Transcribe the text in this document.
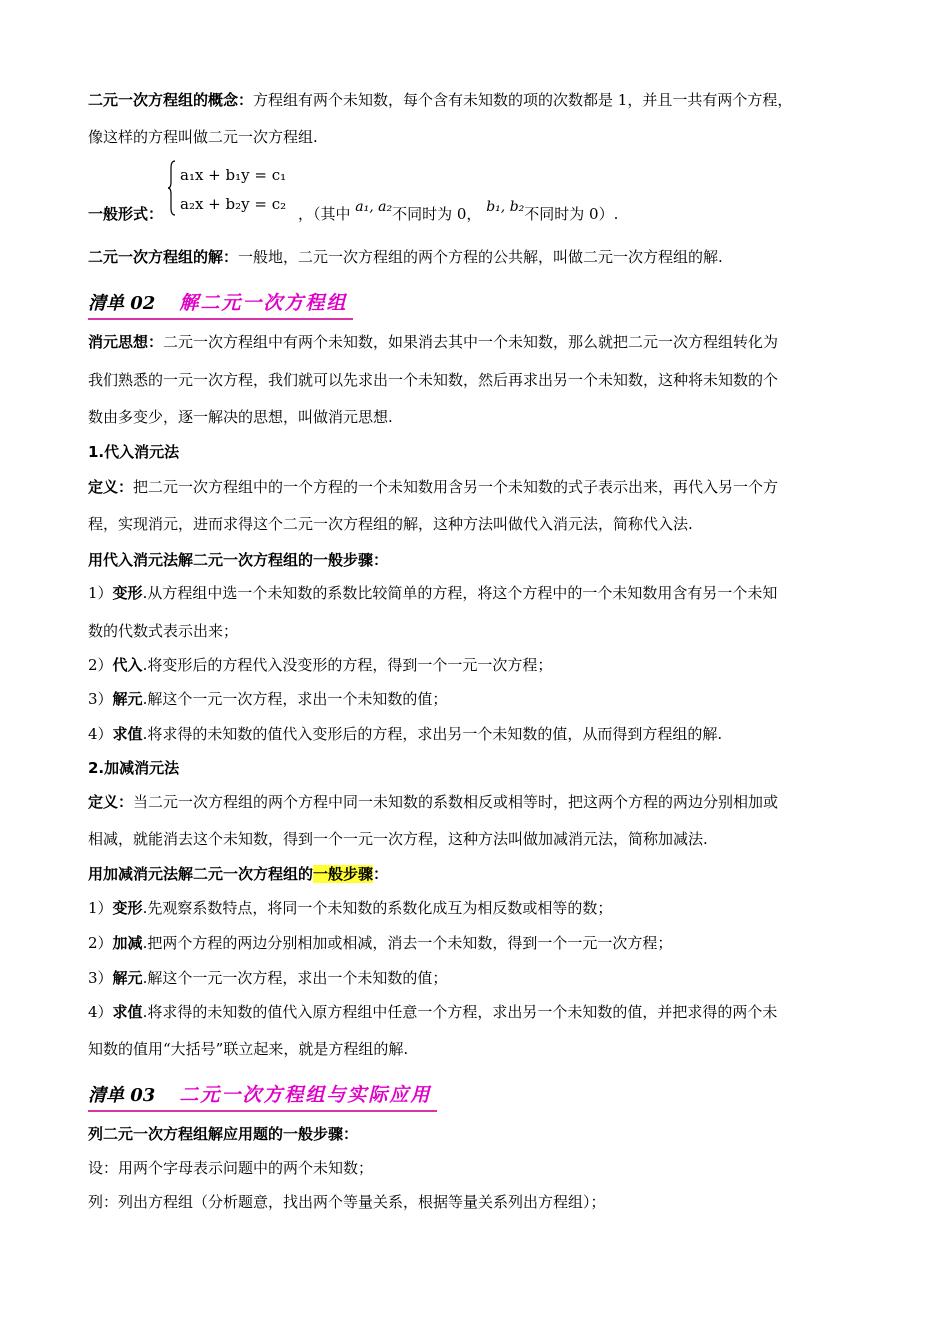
二元一次方程组的概念：方程组有两个未知数，每个含有未知数的项的次数都是 1，并且一共有两个方程，
像这样的方程叫做二元一次方程组.
a₁x + b₁y = c₁
a₂x + b₂y = c₂
一般形式：	，（其中 a₁, a₂不同时为 0， b₁, b₂不同时为 0）.
二元一次方程组的解：一般地，二元一次方程组的两个方程的公共解，叫做二元一次方程组的解.
清单 02 解二元一次方程组
消元思想：二元一次方程组中有两个未知数，如果消去其中一个未知数，那么就把二元一次方程组转化为
我们熟悉的一元一次方程，我们就可以先求出一个未知数，然后再求出另一个未知数，这种将未知数的个
数由多变少，逐一解决的思想，叫做消元思想.
1.代入消元法
定义：把二元一次方程组中的一个方程的一个未知数用含另一个未知数的式子表示出来，再代入另一个方
程，实现消元，进而求得这个二元一次方程组的解，这种方法叫做代入消元法，简称代入法.
用代入消元法解二元一次方程组的一般步骤：
1）变形.从方程组中选一个未知数的系数比较简单的方程，将这个方程中的一个未知数用含有另一个未知
数的代数式表示出来；
2）代入.将变形后的方程代入没变形的方程，得到一个一元一次方程；
3）解元.解这个一元一次方程，求出一个未知数的值；
4）求值.将求得的未知数的值代入变形后的方程，求出另一个未知数的值，从而得到方程组的解.
2.加减消元法
定义：当二元一次方程组的两个方程中同一未知数的系数相反或相等时，把这两个方程的两边分别相加或
相减，就能消去这个未知数，得到一个一元一次方程，这种方法叫做加减消元法，简称加减法.
用加减消元法解二元一次方程组的一般步骤：
1）变形.先观察系数特点，将同一个未知数的系数化成互为相反数或相等的数；
2）加减.把两个方程的两边分别相加或相减，消去一个未知数，得到一个一元一次方程；
3）解元.解这个一元一次方程，求出一个未知数的值；
4）求值.将求得的未知数的值代入原方程组中任意一个方程，求出另一个未知数的值，并把求得的两个未
知数的值用“大括号”联立起来，就是方程组的解.
清单 03 二元一次方程组与实际应用
列二元一次方程组解应用题的一般步骤：
设：用两个字母表示问题中的两个未知数；
列：列出方程组（分析题意，找出两个等量关系，根据等量关系列出方程组）；
